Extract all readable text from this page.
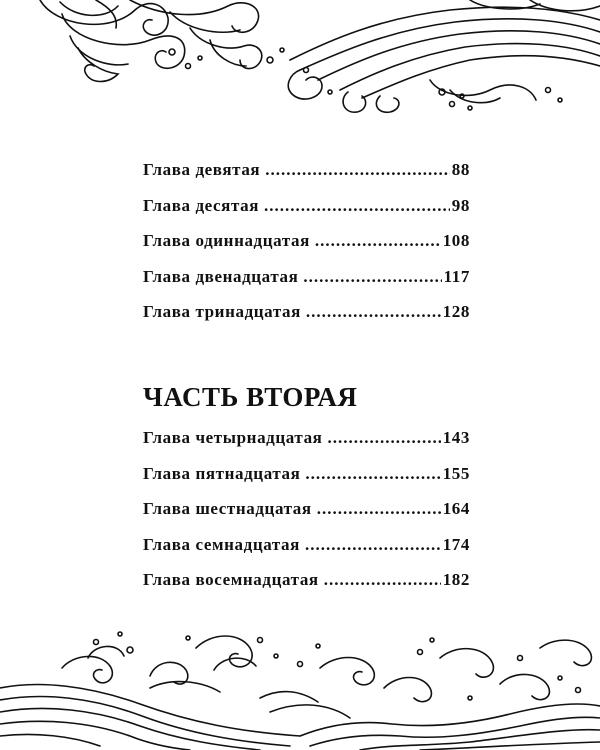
Глава девятая .....	88
Глава десятая .....	98
Глава одиннадцатая .....	108
Глава двенадцатая .....	117
Глава тринадцатая .....	128
ЧАСТЬ ВТОРАЯ
Глава четырнадцатая .....	143
Глава пятнадцатая .....	155
Глава шестнадцатая .....	164
Глава семнадцатая .....	174
Глава восемнадцатая .....	182
